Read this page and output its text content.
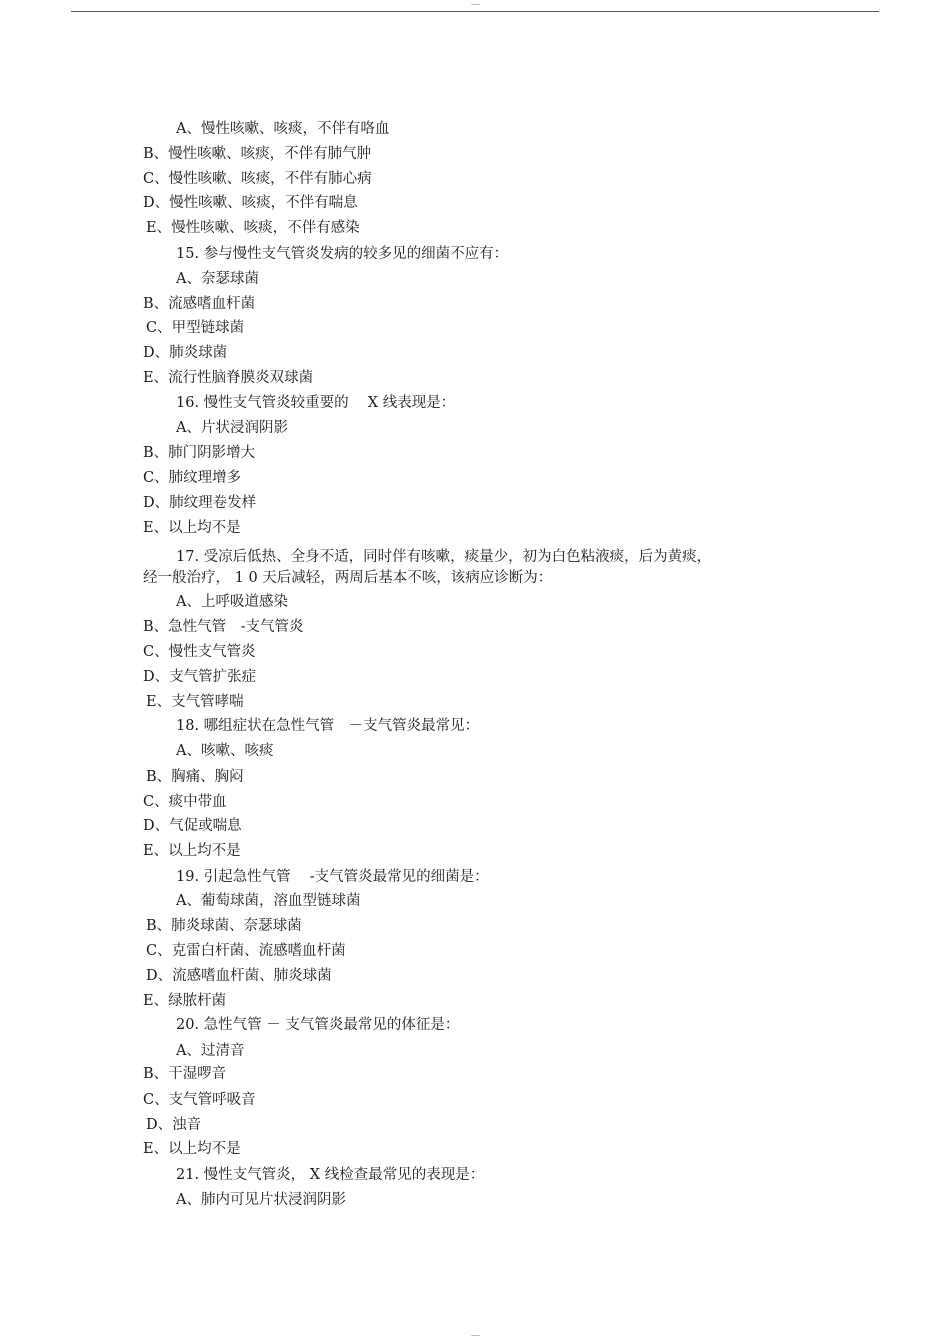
—
A、慢性咳嗽、咳痰，不伴有咯血
B、慢性咳嗽、咳痰，不伴有肺气肿
C、慢性咳嗽、咳痰，不伴有肺心病
D、慢性咳嗽、咳痰，不伴有喘息
E、慢性咳嗽、咳痰，不伴有感染
15. 参与慢性支气管炎发病的较多见的细菌不应有：
A、奈瑟球菌
B、流感嗜血杆菌
C、甲型链球菌
D、肺炎球菌
E、流行性脑脊膜炎双球菌
16. 慢性支气管炎较重要的　 X 线表现是：
A、片状浸润阴影
B、肺门阴影增大
C、肺纹理增多
D、肺纹理卷发样
E、以上均不是
17. 受凉后低热、全身不适，同时伴有咳嗽，痰量少，初为白色粘液痰，后为黄痰，
经一般治疗， 1 0 天后减轻，两周后基本不咳，该病应诊断为：
A、上呼吸道感染
B、急性气管　-支气管炎
C、慢性支气管炎
D、支气管扩张症
E、支气管哮喘
18. 哪组症状在急性气管　－支气管炎最常见：
A、咳嗽、咳痰
B、胸痛、胸闷
C、痰中带血
D、气促或喘息
E、以上均不是
19. 引起急性气管　 -支气管炎最常见的细菌是：
A、葡萄球菌，溶血型链球菌
B、肺炎球菌、奈瑟球菌
C、克雷白杆菌、流感嗜血杆菌
D、流感嗜血杆菌、肺炎球菌
E、绿脓杆菌
20. 急性气管 － 支气管炎最常见的体征是：
A、过清音
B、干湿啰音
C、支气管呼吸音
D、浊音
E、以上均不是
21. 慢性支气管炎， X 线检查最常见的表现是：
A、肺内可见片状浸润阴影
—
